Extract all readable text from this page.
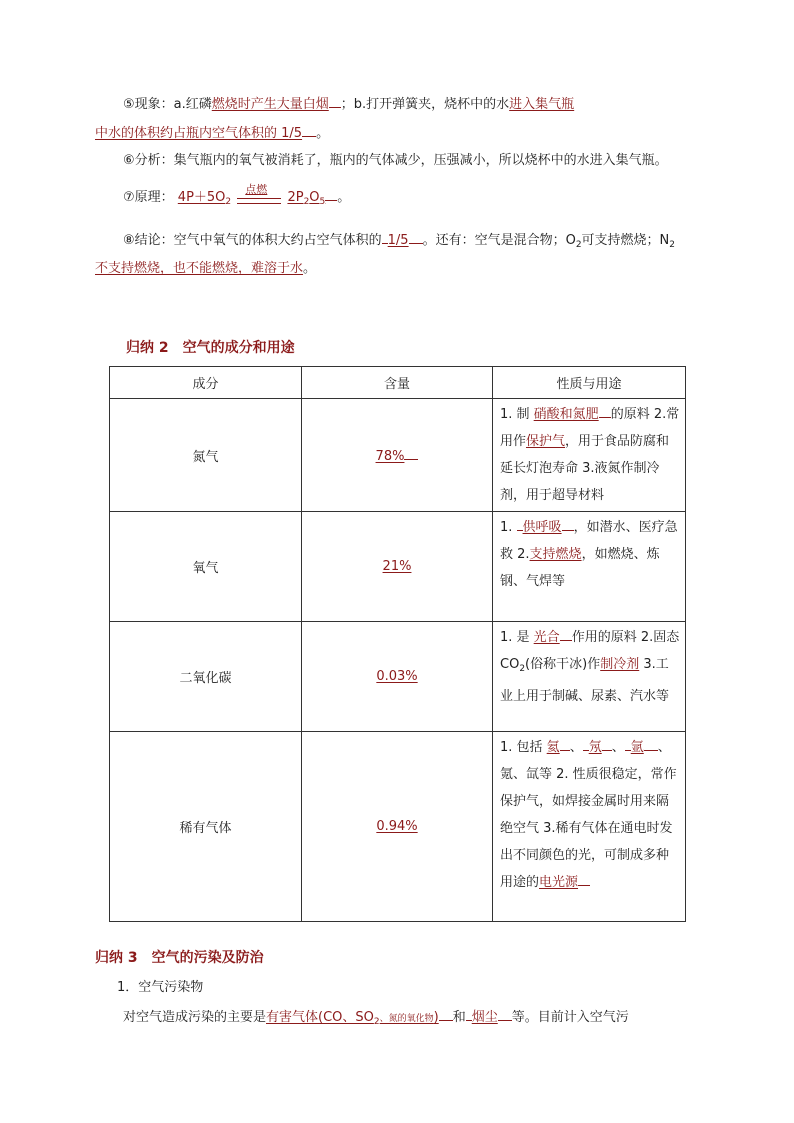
⑤现象：a.红磷燃烧时产生大量白烟 ；b.打开弹簧夹，烧杯中的水进入集气瓶
中水的体积约占瓶内空气体积的 1/5 。
⑥分析：集气瓶内的氧气被消耗了，瓶内的气体减少，压强减小，所以烧杯中的水进入集气瓶。
⑦原理： $4P+5O_2$
点燃
$2P_2O_5$ 。
⑧结论：空气中氧气的体积大约占空气体积的 1/5 。还有：空气是混合物；$O_2$可支持燃烧；$N_2$
不支持燃烧，也不能燃烧，难溶于水。
归纳 2　空气的成分和用途
成分	含量	性质与用途
氮气	78%	1. 制 硝酸和氮肥 的原料 2.常用作保护气，用于食品防腐和延长灯泡寿命 3.液氮作制冷剂，用于超导材料
氧气	21%	1. 供呼吸 ，如潜水、医疗急救 2.支持燃烧，如燃烧、炼钢、气焊等
二氧化碳	0.03%	1. 是 光合 作用的原料 2.固态 $CO_2$(俗称干冰)作制冷剂 3.工业上用于制碱、尿素、汽水等
稀有气体	0.94%	1. 包括 氦 、 氖 、 氩 、氪、氙等 2. 性质很稳定，常作保护气，如焊接金属时用来隔绝空气 3.稀有气体在通电时发出不同颜色的光，可制成多种用途的电光源
归纳 3　空气的污染及防治
1．空气污染物
对空气造成污染的主要是有害气体(CO、$SO_2$、氮的氧化物) 和 烟尘 等。目前计入空气污
